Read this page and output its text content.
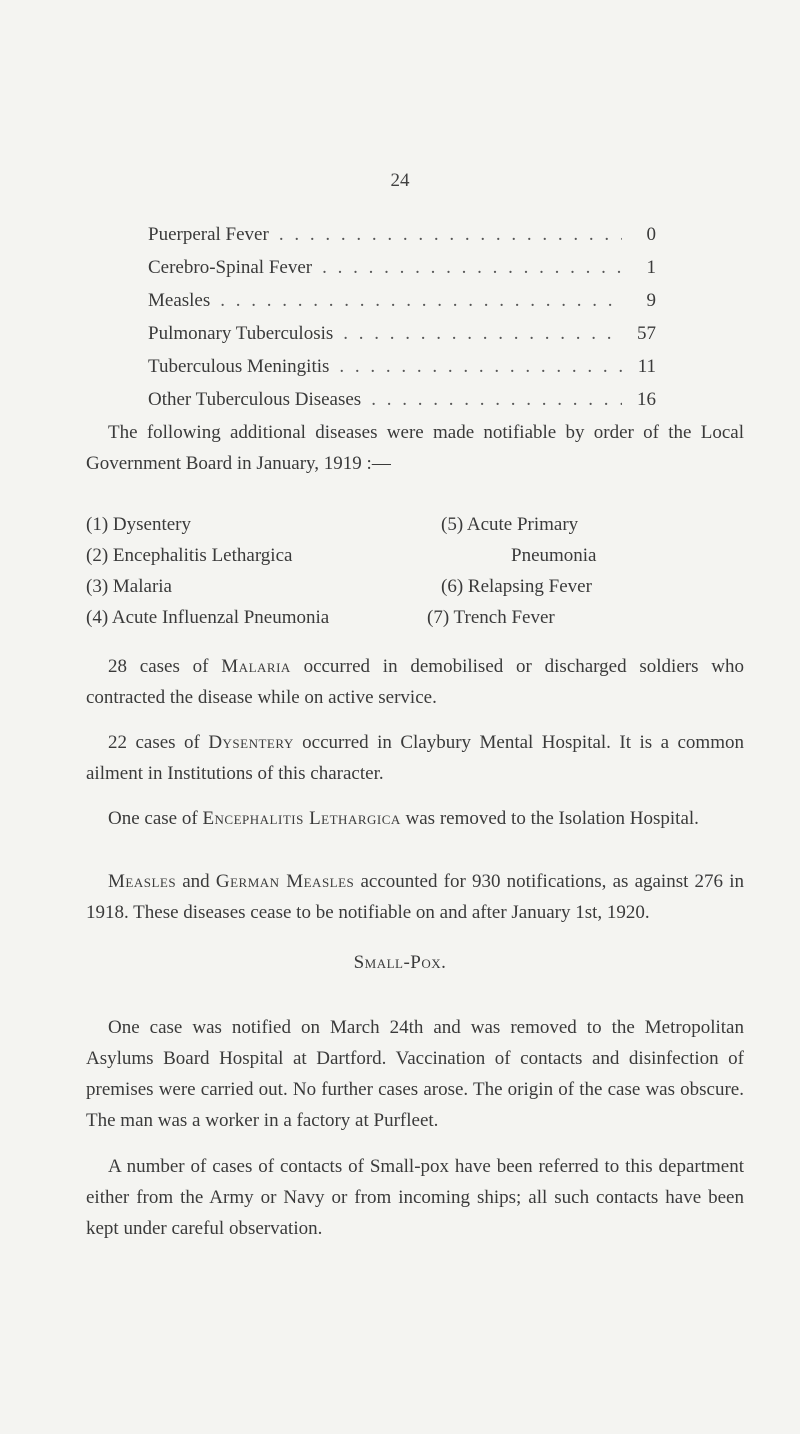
24
Puerperal Fever . . .	0
Cerebro-Spinal Fever . . .	1
Measles . . .	9
Pulmonary Tuberculosis . . .	57
Tuberculous Meningitis . . .	11
Other Tuberculous Diseases . . .	16

The following additional diseases were made notifiable by order of the Local Government Board in January, 1919 :—

(1) Dysentery	(5) Acute Primary
(2) Encephalitis Lethargica	Pneumonia
(3) Malaria	(6) Relapsing Fever
(4) Acute Influenzal Pneumonia	(7) Trench Fever

28 cases of Malaria occurred in demobilised or discharged soldiers who contracted the disease while on active service.

22 cases of Dysentery occurred in Claybury Mental Hospital. It is a common ailment in Institutions of this character.

One case of Encephalitis Lethargica was removed to the Isolation Hospital.

Measles and German Measles accounted for 930 notifications, as against 276 in 1918. These diseases cease to be notifiable on and after January 1st, 1920.

Small-Pox.

One case was notified on March 24th and was removed to the Metropolitan Asylums Board Hospital at Dartford. Vaccination of contacts and disinfection of premises were carried out. No further cases arose. The origin of the case was obscure. The man was a worker in a factory at Purfleet.

A number of cases of contacts of Small-pox have been referred to this department either from the Army or Navy or from incoming ships; all such contacts have been kept under careful observation.
